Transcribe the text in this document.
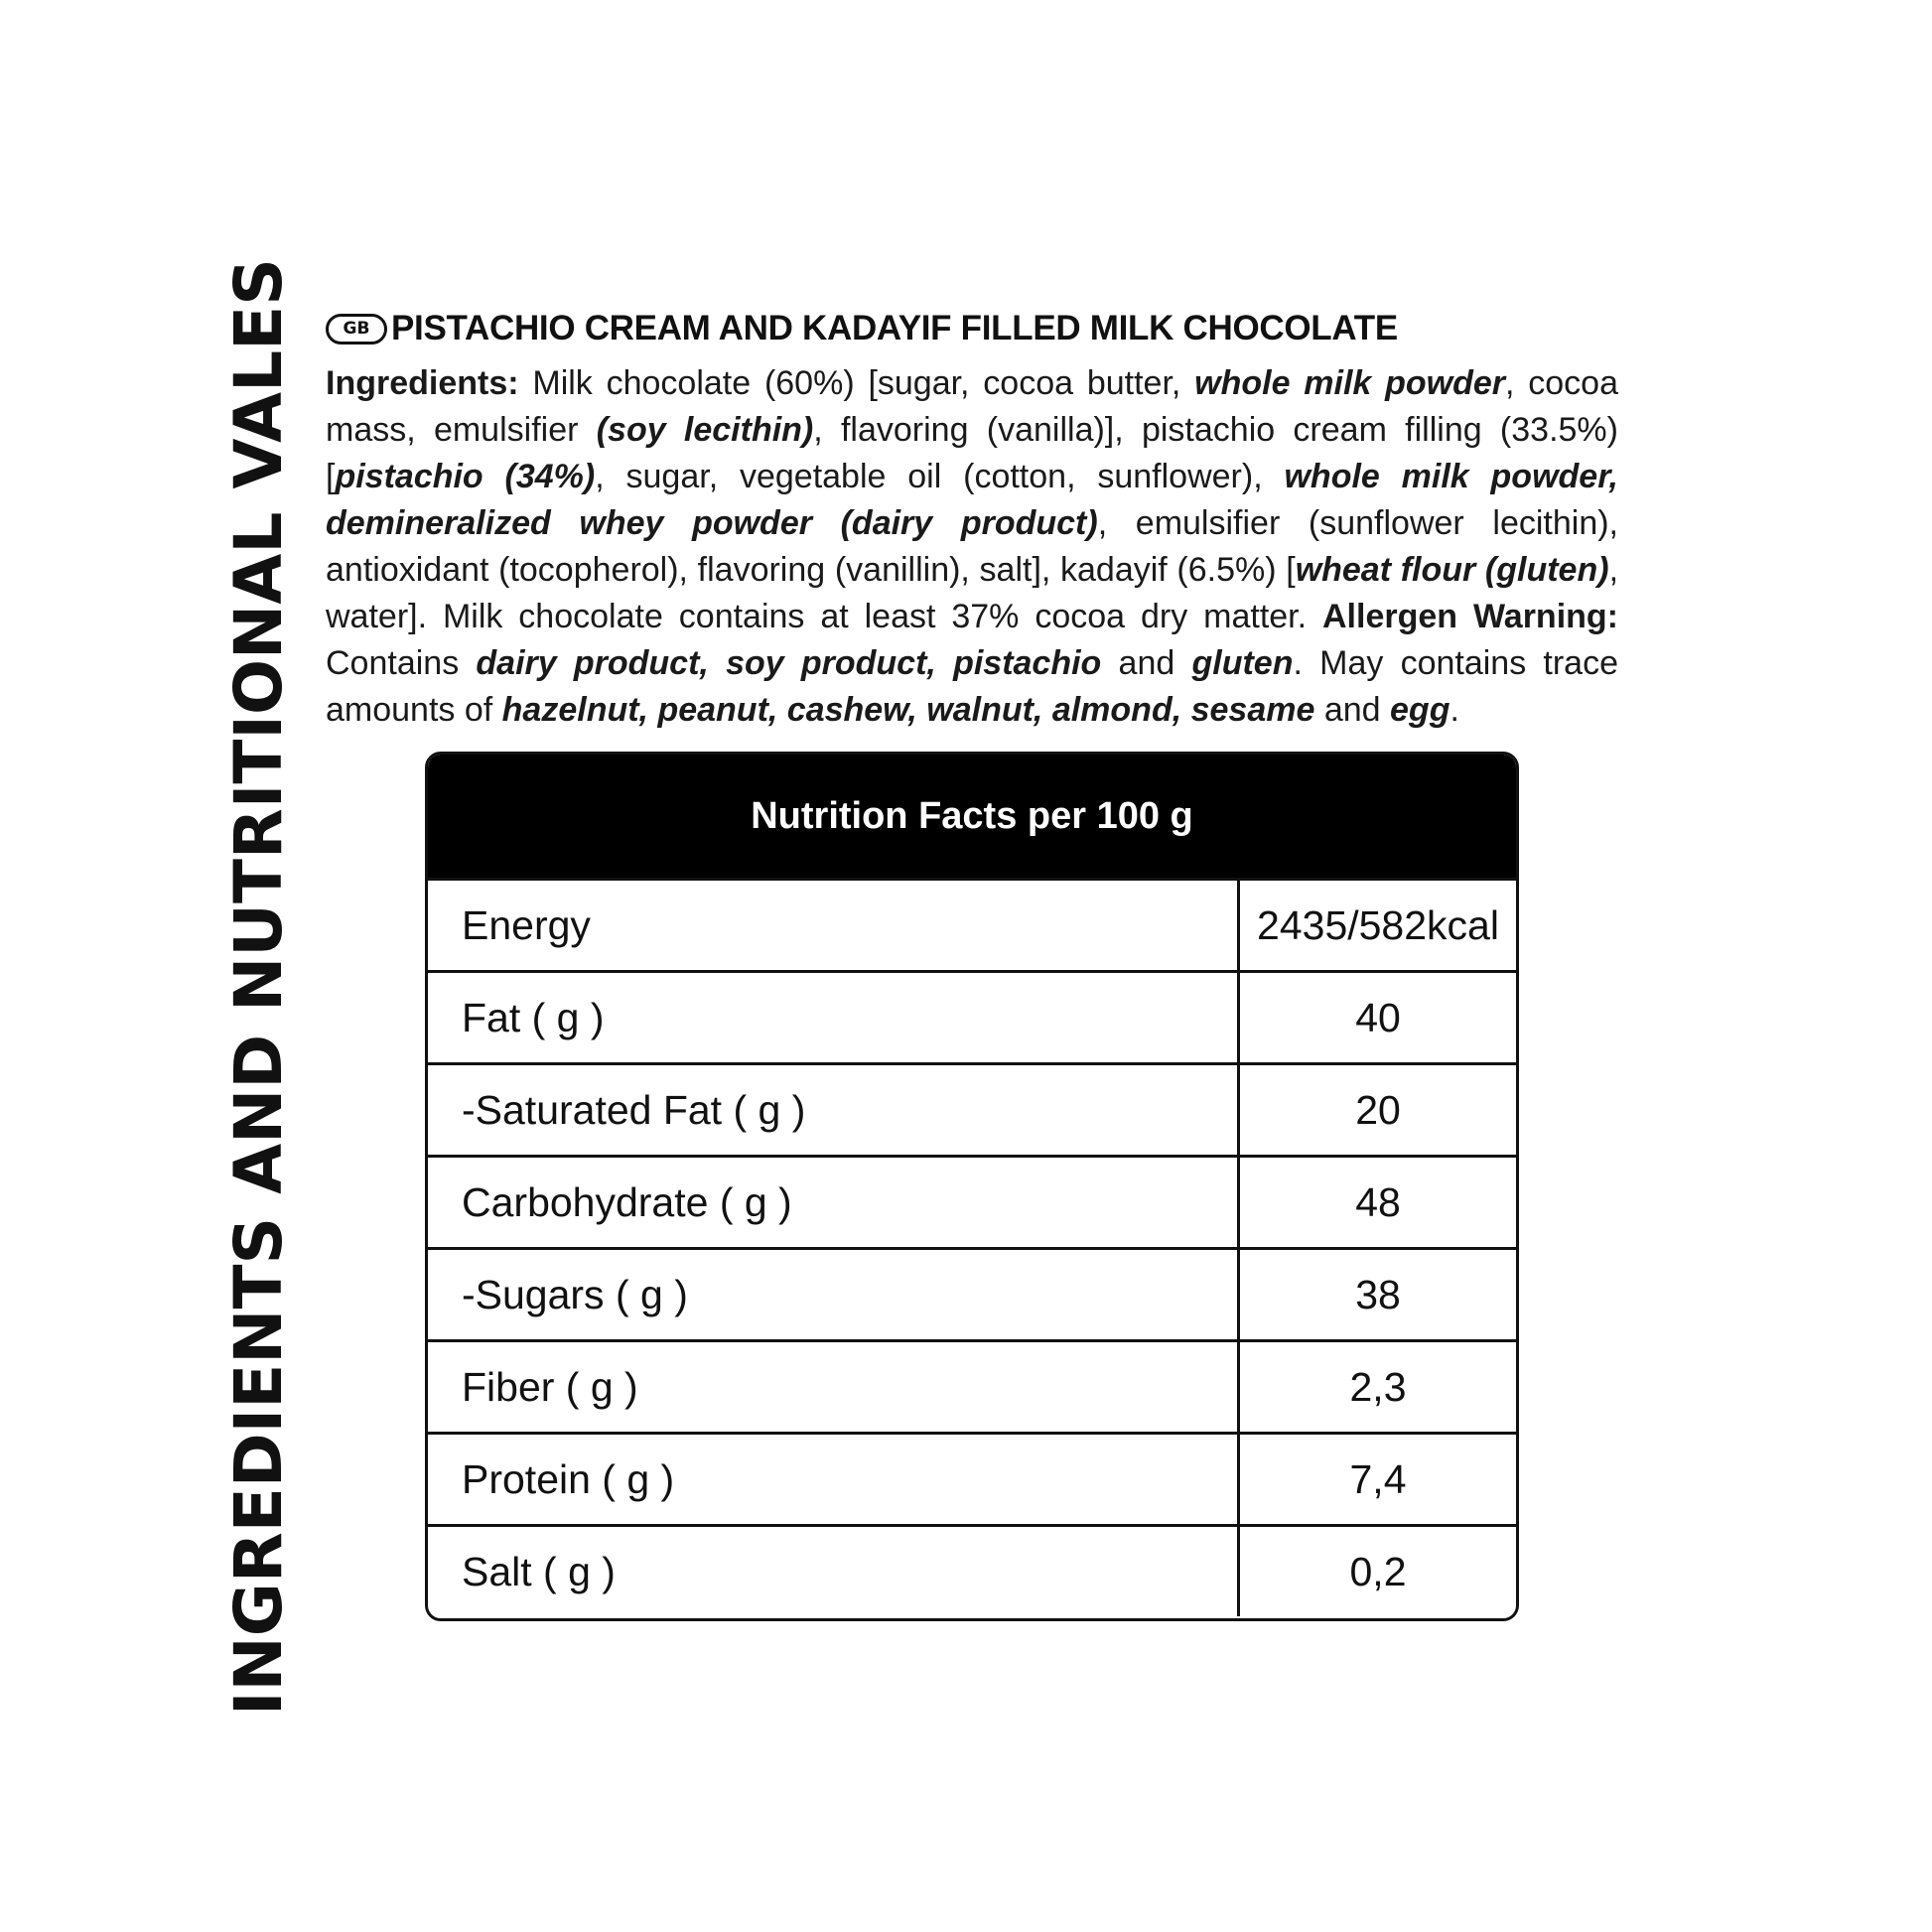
INGREDIENTS AND NUTRITIONAL VALES	GB PISTACHIO CREAM AND KADAYIF FILLED MILK CHOCOLATE
Ingredients: Milk chocolate (60%) [sugar, cocoa butter, whole milk powder, cocoa mass, emulsifier (soy lecithin), flavoring (vanilla)], pistachio cream filling (33.5%) [pistachio (34%), sugar, vegetable oil (cotton, sunflower), whole milk powder, demineralized whey powder (dairy product), emulsifier (sunflower lecithin), antioxidant (tocopherol), flavoring (vanillin), salt], kadayif (6.5%) [wheat flour (gluten), water]. Milk chocolate contains at least 37% cocoa dry matter. Allergen Warning: Contains dairy product, soy product, pistachio and gluten. May contains trace amounts of hazelnut, peanut, cashew, walnut, almond, sesame and egg.
Nutrition Facts per 100 g
Energy	2435/582kcal
Fat ( g )	40
-Saturated Fat ( g )	20
Carbohydrate ( g )	48
-Sugars ( g )	38
Fiber ( g )	2,3
Protein ( g )	7,4
Salt ( g )	0,2
